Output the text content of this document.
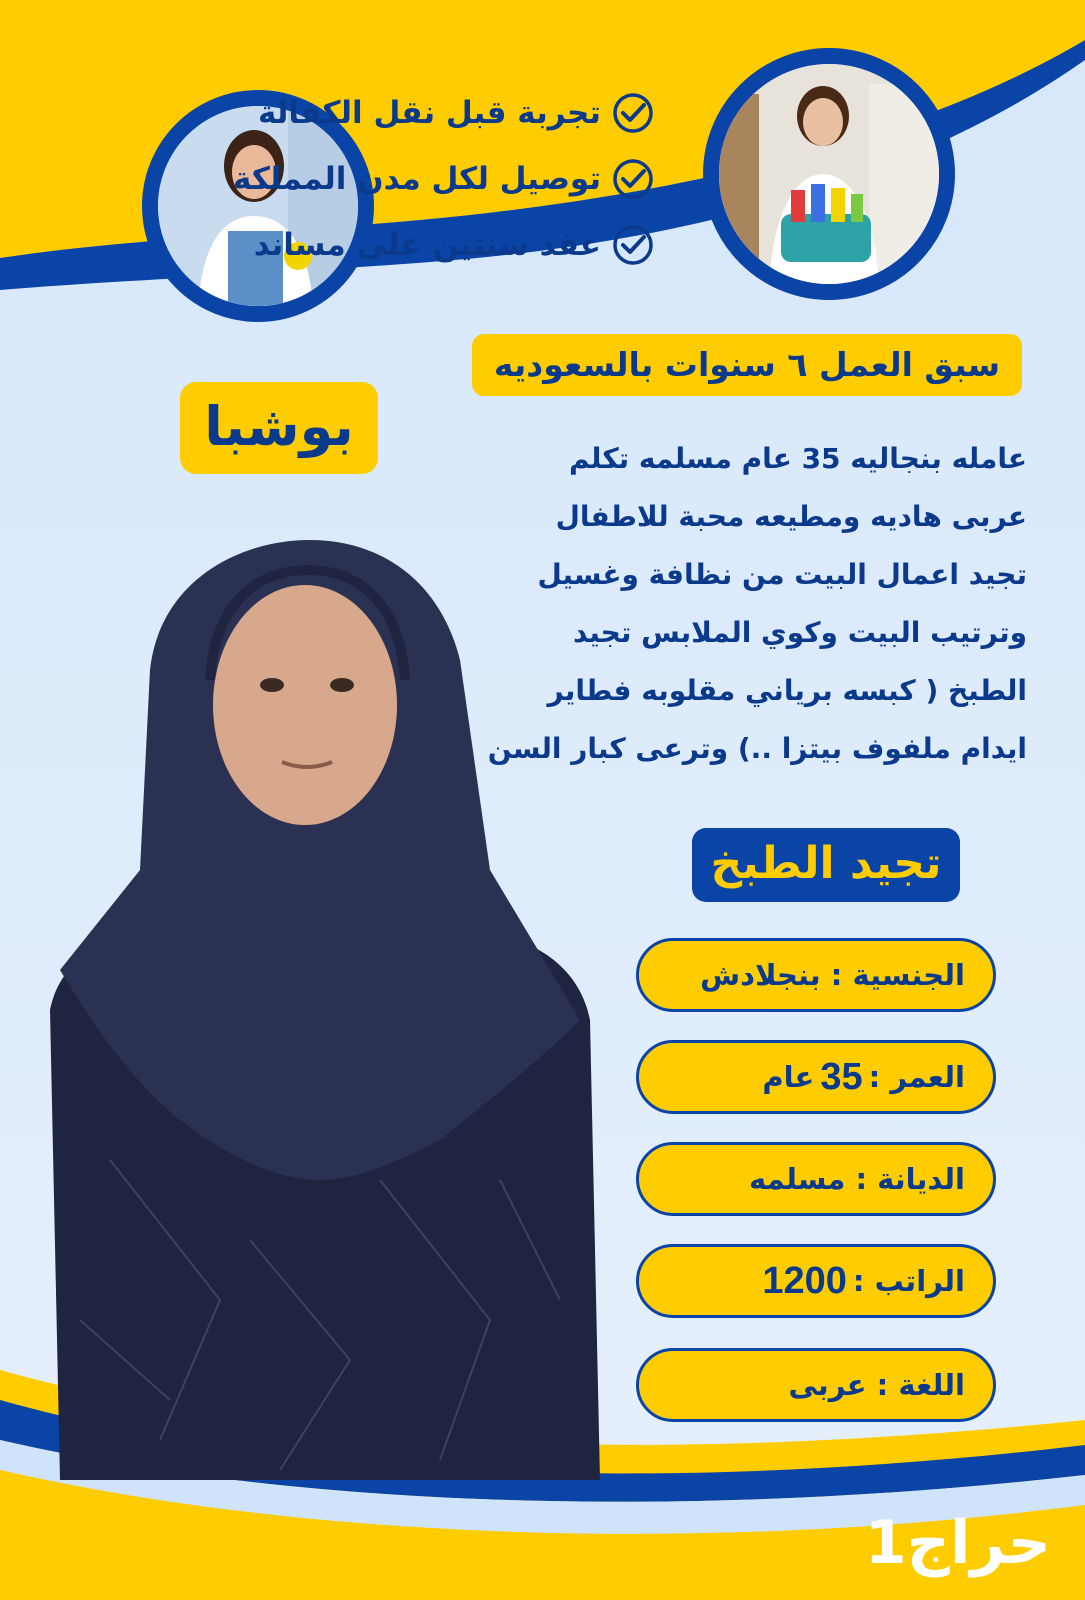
تجربة قبل نقل الكفالة
توصيل لكل مدن المملكة
عقد سنتين على مساند
سبق العمل ٦ سنوات بالسعوديه
بوشبا
عامله بنجاليه 35 عام مسلمه تكلم
عربى هاديه ومطيعه محبة للاطفال
تجيد اعمال البيت من نظافة وغسيل
وترتيب البيت وكوي الملابس تجيد
الطبخ ( كبسه برياني مقلوبه فطاير
ايدام ملفوف بيتزا ..) وترعى كبار السن
تجيد الطبخ
الجنسية :

بنجلادش
العمر :
35
عام
الديانة :

مسلمه
الراتب :
1200
اللغة :

عربى
حراج1
